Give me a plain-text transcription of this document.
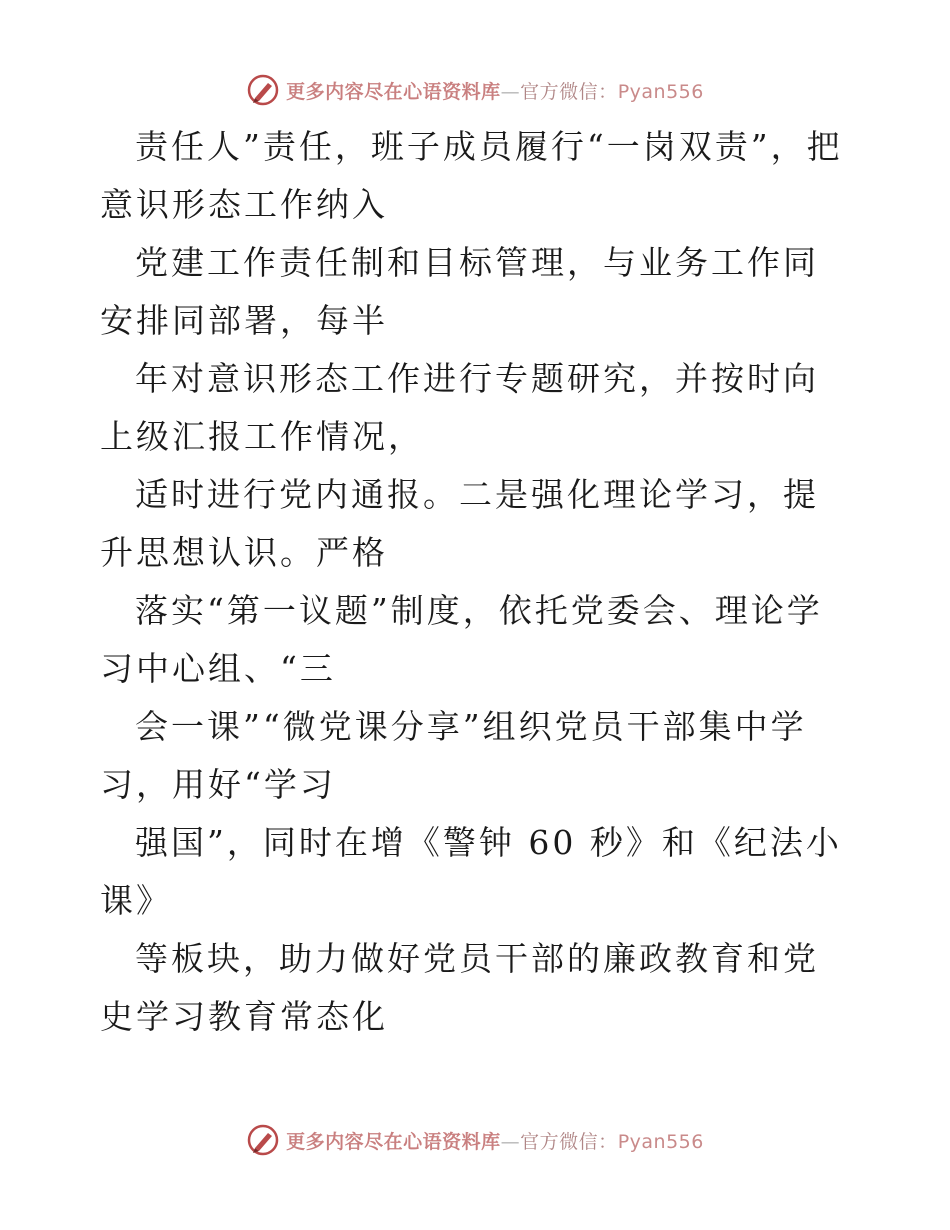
更多内容尽在心语资料库—官方微信：Pyan556

责任人”责任，班子成员履行“一岗双责”，把意识形态工作纳入

党建工作责任制和目标管理，与业务工作同安排同部署，每半

年对意识形态工作进行专题研究，并按时向上级汇报工作情况，

适时进行党内通报。二是强化理论学习，提升思想认识。严格

落实“第一议题”制度，依托党委会、理论学习中心组、“三

会一课”“微党课分享”组织党员干部集中学习，用好“学习

强国”，同时在增《警钟 60 秒》和《纪法小课》

等板块，助力做好党员干部的廉政教育和党史学习教育常态化

更多内容尽在心语资料库—官方微信：Pyan556
